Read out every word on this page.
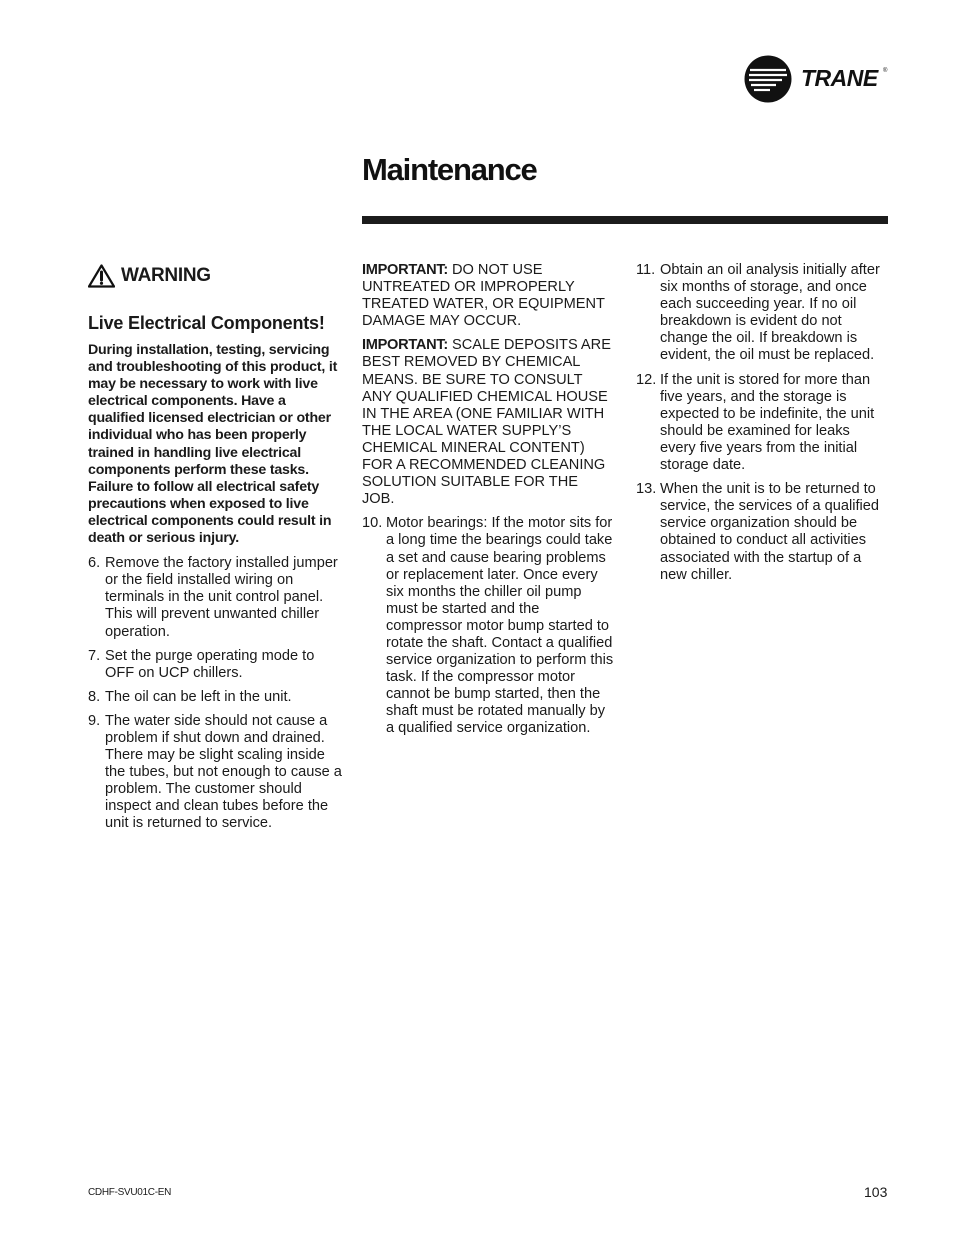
TRANE ®
Maintenance
WARNING
Live Electrical Components!

During installation, testing, servicing and troubleshooting of this product, it may be necessary to work with live electrical components. Have a qualified licensed electrician or other individual who has been properly trained in handling live electrical components perform these tasks. Failure to follow all electrical safety precautions when exposed to live electrical components could result in death or serious injury.

6. Remove the factory installed jumper or the field installed wiring on terminals in the unit control panel. This will prevent unwanted chiller operation.
7. Set the purge operating mode to OFF on UCP chillers.
8. The oil can be left in the unit.
9. The water side should not cause a problem if shut down and drained. There may be slight scaling inside the tubes, but not enough to cause a problem. The customer should inspect and clean tubes before the unit is returned to service.

IMPORTANT: DO NOT USE UNTREATED OR IMPROPERLY TREATED WATER, OR EQUIPMENT DAMAGE MAY OCCUR.

IMPORTANT: SCALE DEPOSITS ARE BEST REMOVED BY CHEMICAL MEANS. BE SURE TO CONSULT ANY QUALIFIED CHEMICAL HOUSE IN THE AREA (ONE FAMILIAR WITH THE LOCAL WATER SUPPLY’S CHEMICAL MINERAL CONTENT) FOR A RECOMMENDED CLEANING SOLUTION SUITABLE FOR THE JOB.

10. Motor bearings: If the motor sits for a long time the bearings could take a set and cause bearing problems or replacement later. Once every six months the chiller oil pump must be started and the compressor motor bump started to rotate the shaft. Contact a qualified service organization to perform this task. If the compressor motor cannot be bump started, then the shaft must be rotated manually by a qualified service organization.
11. Obtain an oil analysis initially after six months of storage, and once each succeeding year. If no oil breakdown is evident do not change the oil. If breakdown is evident, the oil must be replaced.
12. If the unit is stored for more than five years, and the storage is expected to be indefinite, the unit should be examined for leaks every five years from the initial storage date.
13. When the unit is to be returned to service, the services of a qualified service organization should be obtained to conduct all activities associated with the startup of a new chiller.
CDHF-SVU01C-EN	103
